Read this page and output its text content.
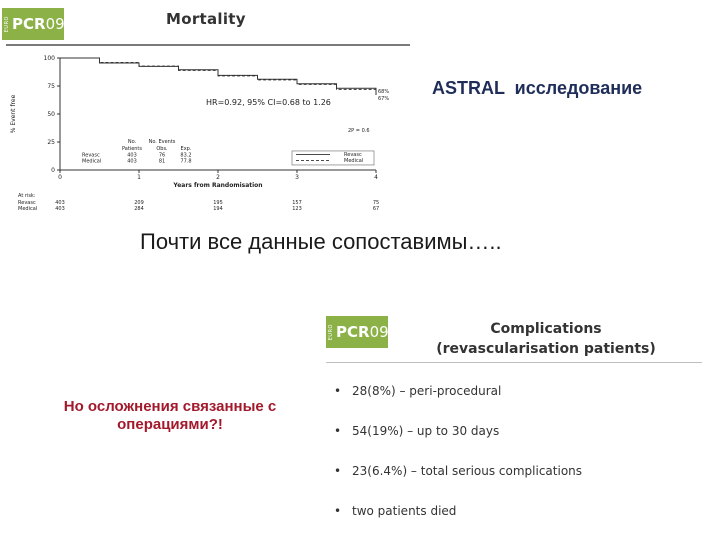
EURO PCR 09	Mortality
% Event free
Years from Randomisation
100
75
50
25
0
0	1	2	3	4
68%
67%
HR=0.92, 95% CI=0.68 to 1.26
2P = 0.6
No. No. Events
Patients	Obs.	Exp.
Revasc	403	76	83.2
Medical	403	81	77.8
Revasc
Medical
At risk:
Revasc	403	209	195	157	75
Medical	403	284	194	123	67
ASTRAL  исследование
Почти все данные сопоставимы…..
Но осложнения связанные с операциями?!
EURO PCR 09	Complications
(revascularisation patients)
• 28(8%) – peri-procedural
• 54(19%) – up to 30 days
• 23(6.4%) – total serious complications
• two patients died
